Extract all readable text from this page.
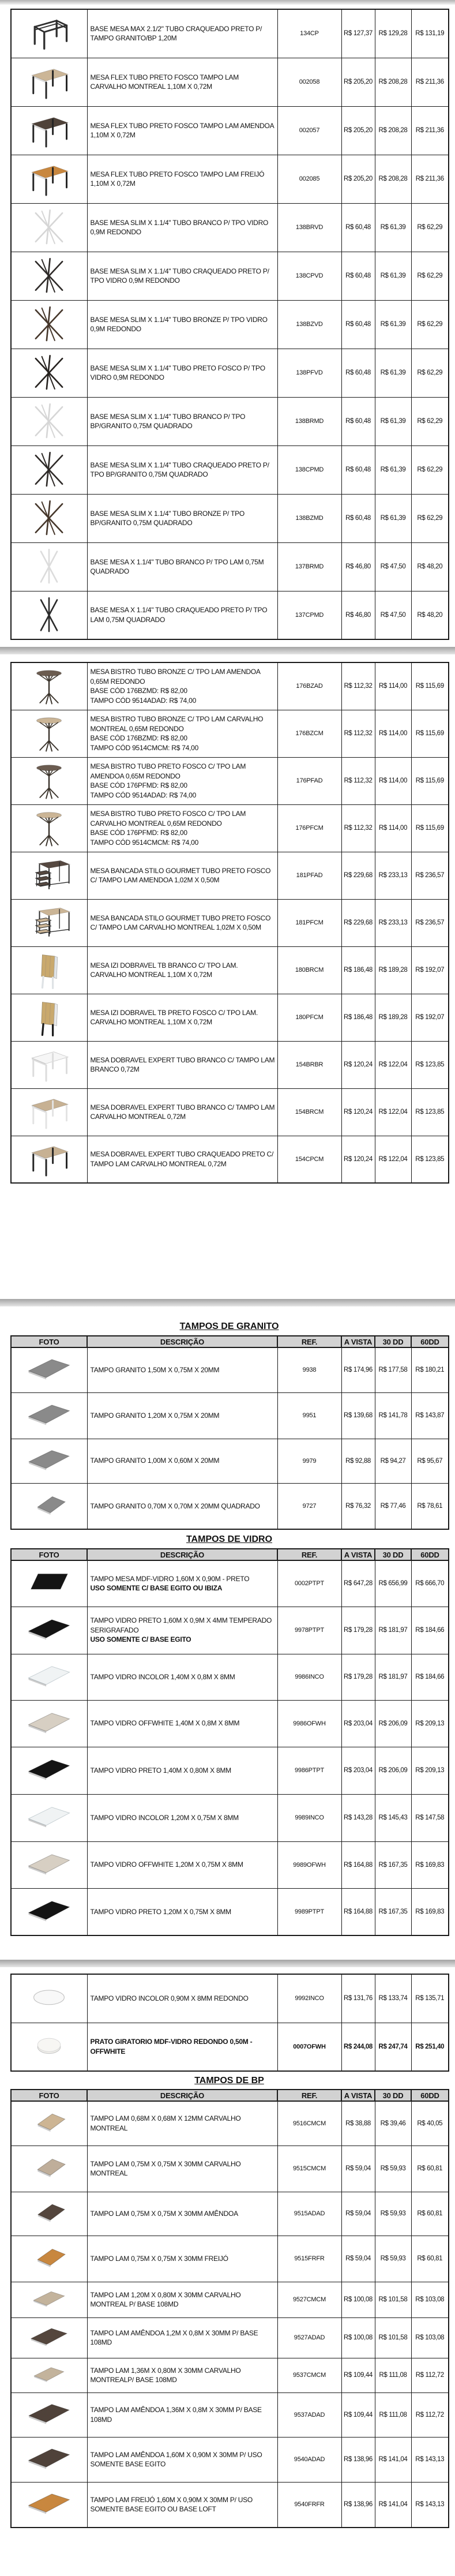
BASE MESA MAX 2.1/2" TUBO CRAQUEADO PRETO P/ TAMPO GRANITO/BP 1,20M	134CP	R$ 127,37	R$ 129,28	R$ 131,19

MESA FLEX TUBO PRETO FOSCO TAMPO LAM CARVALHO MONTREAL 1,10M X 0,72M	002058	R$ 205,20	R$ 208,28	R$ 211,36

MESA FLEX TUBO PRETO FOSCO TAMPO LAM AMENDOA 1,10M X 0,72M	002057	R$ 205,20	R$ 208,28	R$ 211,36

MESA FLEX TUBO PRETO FOSCO TAMPO LAM FREIJÓ 1,10M X 0,72M	002085	R$ 205,20	R$ 208,28	R$ 211,36

BASE MESA SLIM X 1.1/4" TUBO BRANCO P/ TPO VIDRO 0,9M REDONDO	138BRVD	R$ 60,48	R$ 61,39	R$ 62,29

BASE MESA SLIM X 1.1/4" TUBO CRAQUEADO PRETO P/ TPO VIDRO 0,9M REDONDO	138CPVD	R$ 60,48	R$ 61,39	R$ 62,29

BASE MESA SLIM X 1.1/4" TUBO BRONZE P/ TPO VIDRO 0,9M REDONDO	138BZVD	R$ 60,48	R$ 61,39	R$ 62,29

BASE MESA SLIM X 1.1/4" TUBO PRETO FOSCO P/ TPO VIDRO 0,9M REDONDO	138PFVD	R$ 60,48	R$ 61,39	R$ 62,29

BASE MESA SLIM X 1.1/4" TUBO BRANCO P/ TPO BP/GRANITO 0,75M QUADRADO	138BRMD	R$ 60,48	R$ 61,39	R$ 62,29

BASE MESA SLIM X 1.1/4" TUBO CRAQUEADO PRETO P/ TPO BP/GRANITO 0,75M QUADRADO	138CPMD	R$ 60,48	R$ 61,39	R$ 62,29

BASE MESA SLIM X 1.1/4" TUBO BRONZE P/ TPO BP/GRANITO 0,75M QUADRADO	138BZMD	R$ 60,48	R$ 61,39	R$ 62,29

BASE MESA X 1.1/4" TUBO BRANCO P/ TPO LAM 0,75M QUADRADO	137BRMD	R$ 46,80	R$ 47,50	R$ 48,20

BASE MESA X 1.1/4" TUBO CRAQUEADO PRETO P/ TPO LAM 0,75M QUADRADO	137CPMD	R$ 46,80	R$ 47,50	R$ 48,20

MESA BISTRO TUBO BRONZE C/ TPO LAM AMENDOA 0,65M REDONDO
BASE CÓD 176BZMD: R$ 82,00
TAMPO CÓD 9514ADAD: R$ 74,00	176BZAD	R$ 112,32	R$ 114,00	R$ 115,69

MESA BISTRO TUBO BRONZE C/ TPO LAM CARVALHO MONTREAL 0,65M REDONDO
BASE CÓD 176BZMD: R$ 82,00
TAMPO CÓD 9514CMCM: R$ 74,00	176BZCM	R$ 112,32	R$ 114,00	R$ 115,69

MESA BISTRO TUBO PRETO FOSCO C/ TPO LAM AMENDOA 0,65M REDONDO
BASE CÓD 176PFMD: R$ 82,00
TAMPO CÓD 9514ADAD: R$ 74,00	176PFAD	R$ 112,32	R$ 114,00	R$ 115,69

MESA BISTRO TUBO PRETO FOSCO C/ TPO LAM CARVALHO MONTREAL 0,65M REDONDO
BASE CÓD 176PFMD: R$ 82,00
TAMPO CÓD 9514CMCM: R$ 74,00	176PFCM	R$ 112,32	R$ 114,00	R$ 115,69

MESA BANCADA STILO GOURMET TUBO PRETO FOSCO C/ TAMPO LAM AMENDOA 1,02M X 0,50M	181PFAD	R$ 229,68	R$ 233,13	R$ 236,57

MESA BANCADA STILO GOURMET TUBO PRETO FOSCO C/ TAMPO LAM CARVALHO MONTREAL 1,02M X 0,50M	181PFCM	R$ 229,68	R$ 233,13	R$ 236,57

MESA IZI DOBRAVEL TB BRANCO C/ TPO LAM. CARVALHO MONTREAL 1,10M X 0,72M	180BRCM	R$ 186,48	R$ 189,28	R$ 192,07

MESA IZI DOBRAVEL TB PRETO FOSCO C/ TPO LAM. CARVALHO MONTREAL 1,10M X 0,72M	180PFCM	R$ 186,48	R$ 189,28	R$ 192,07

MESA DOBRAVEL EXPERT TUBO BRANCO C/ TAMPO LAM BRANCO 0,72M	154BRBR	R$ 120,24	R$ 122,04	R$ 123,85

MESA DOBRAVEL EXPERT TUBO BRANCO C/ TAMPO LAM CARVALHO MONTREAL 0,72M	154BRCM	R$ 120,24	R$ 122,04	R$ 123,85

MESA DOBRAVEL EXPERT TUBO CRAQUEADO PRETO C/ TAMPO LAM CARVALHO MONTREAL 0,72M	154CPCM	R$ 120,24	R$ 122,04	R$ 123,85
TAMPOS DE GRANITO
FOTO	DESCRIÇÃO	REF.	A VISTA	30 DD	60DD

TAMPO GRANITO 1,50M X 0,75M X 20MM	9938	R$ 174,96	R$ 177,58	R$ 180,21

TAMPO GRANITO 1,20M X 0,75M X 20MM	9951	R$ 139,68	R$ 141,78	R$ 143,87

TAMPO GRANITO 1,00M X 0,60M X 20MM	9979	R$ 92,88	R$ 94,27	R$ 95,67

TAMPO GRANITO 0,70M X 0,70M X 20MM QUADRADO	9727	R$ 76,32	R$ 77,46	R$ 78,61
TAMPOS DE VIDRO
FOTO	DESCRIÇÃO	REF.	A VISTA	30 DD	60DD

TAMPO MESA MDF-VIDRO 1,60M X 0,90M - PRETO
USO SOMENTE C/ BASE EGITO OU IBIZA	0002PTPT	R$ 647,28	R$ 656,99	R$ 666,70

TAMPO VIDRO PRETO 1,60M X 0,9M X 4MM TEMPERADO SERIGRAFADO
USO SOMENTE C/ BASE EGITO	9978PTPT	R$ 179,28	R$ 181,97	R$ 184,66

TAMPO VIDRO INCOLOR 1,40M X 0,8M X 8MM	9986INCO	R$ 179,28	R$ 181,97	R$ 184,66

TAMPO VIDRO OFFWHITE 1,40M X 0,8M X 8MM	9986OFWH	R$ 203,04	R$ 206,09	R$ 209,13

TAMPO VIDRO PRETO 1,40M X 0,80M X 8MM	9986PTPT	R$ 203,04	R$ 206,09	R$ 209,13

TAMPO VIDRO INCOLOR 1,20M X 0,75M X 8MM	9989INCO	R$ 143,28	R$ 145,43	R$ 147,58

TAMPO VIDRO OFFWHITE 1,20M X 0,75M X 8MM	9989OFWH	R$ 164,88	R$ 167,35	R$ 169,83

TAMPO VIDRO PRETO 1,20M X 0,75M X 8MM	9989PTPT	R$ 164,88	R$ 167,35	R$ 169,83

TAMPO VIDRO INCOLOR 0,90M X 8MM REDONDO	9992INCO	R$ 131,76	R$ 133,74	R$ 135,71

PRATO GIRATORIO MDF-VIDRO REDONDO 0,50M - OFFWHITE	0007OFWH	R$ 244,08	R$ 247,74	R$ 251,40
TAMPOS DE BP
FOTO	DESCRIÇÃO	REF.	A VISTA	30 DD	60DD

TAMPO LAM 0,68M X 0,68M X 12MM CARVALHO MONTREAL	9516CMCM	R$ 38,88	R$ 39,46	R$ 40,05

TAMPO LAM 0,75M X 0,75M X 30MM CARVALHO MONTREAL	9515CMCM	R$ 59,04	R$ 59,93	R$ 60,81

TAMPO LAM 0,75M X 0,75M X 30MM AMÊNDOA	9515ADAD	R$ 59,04	R$ 59,93	R$ 60,81

TAMPO LAM 0,75M X 0,75M X 30MM FREIJÓ	9515FRFR	R$ 59,04	R$ 59,93	R$ 60,81

TAMPO LAM 1,20M X 0,80M X 30MM CARVALHO MONTREAL P/ BASE 108MD	9527CMCM	R$ 100,08	R$ 101,58	R$ 103,08

TAMPO LAM AMÊNDOA 1,2M X 0,8M X 30MM P/ BASE 108MD	9527ADAD	R$ 100,08	R$ 101,58	R$ 103,08

TAMPO LAM 1,36M X 0,80M X 30MM CARVALHO MONTREALP/ BASE 108MD	9537CMCM	R$ 109,44	R$ 111,08	R$ 112,72

TAMPO LAM AMÊNDOA 1,36M X 0,8M X 30MM P/ BASE 108MD	9537ADAD	R$ 109,44	R$ 111,08	R$ 112,72

TAMPO LAM AMÊNDOA 1,60M X 0,90M X 30MM P/ USO SOMENTE BASE EGITO	9540ADAD	R$ 138,96	R$ 141,04	R$ 143,13

TAMPO LAM FREIJÓ 1,60M X 0,90M X 30MM P/ USO SOMENTE BASE EGITO OU BASE LOFT	9540FRFR	R$ 138,96	R$ 141,04	R$ 143,13
